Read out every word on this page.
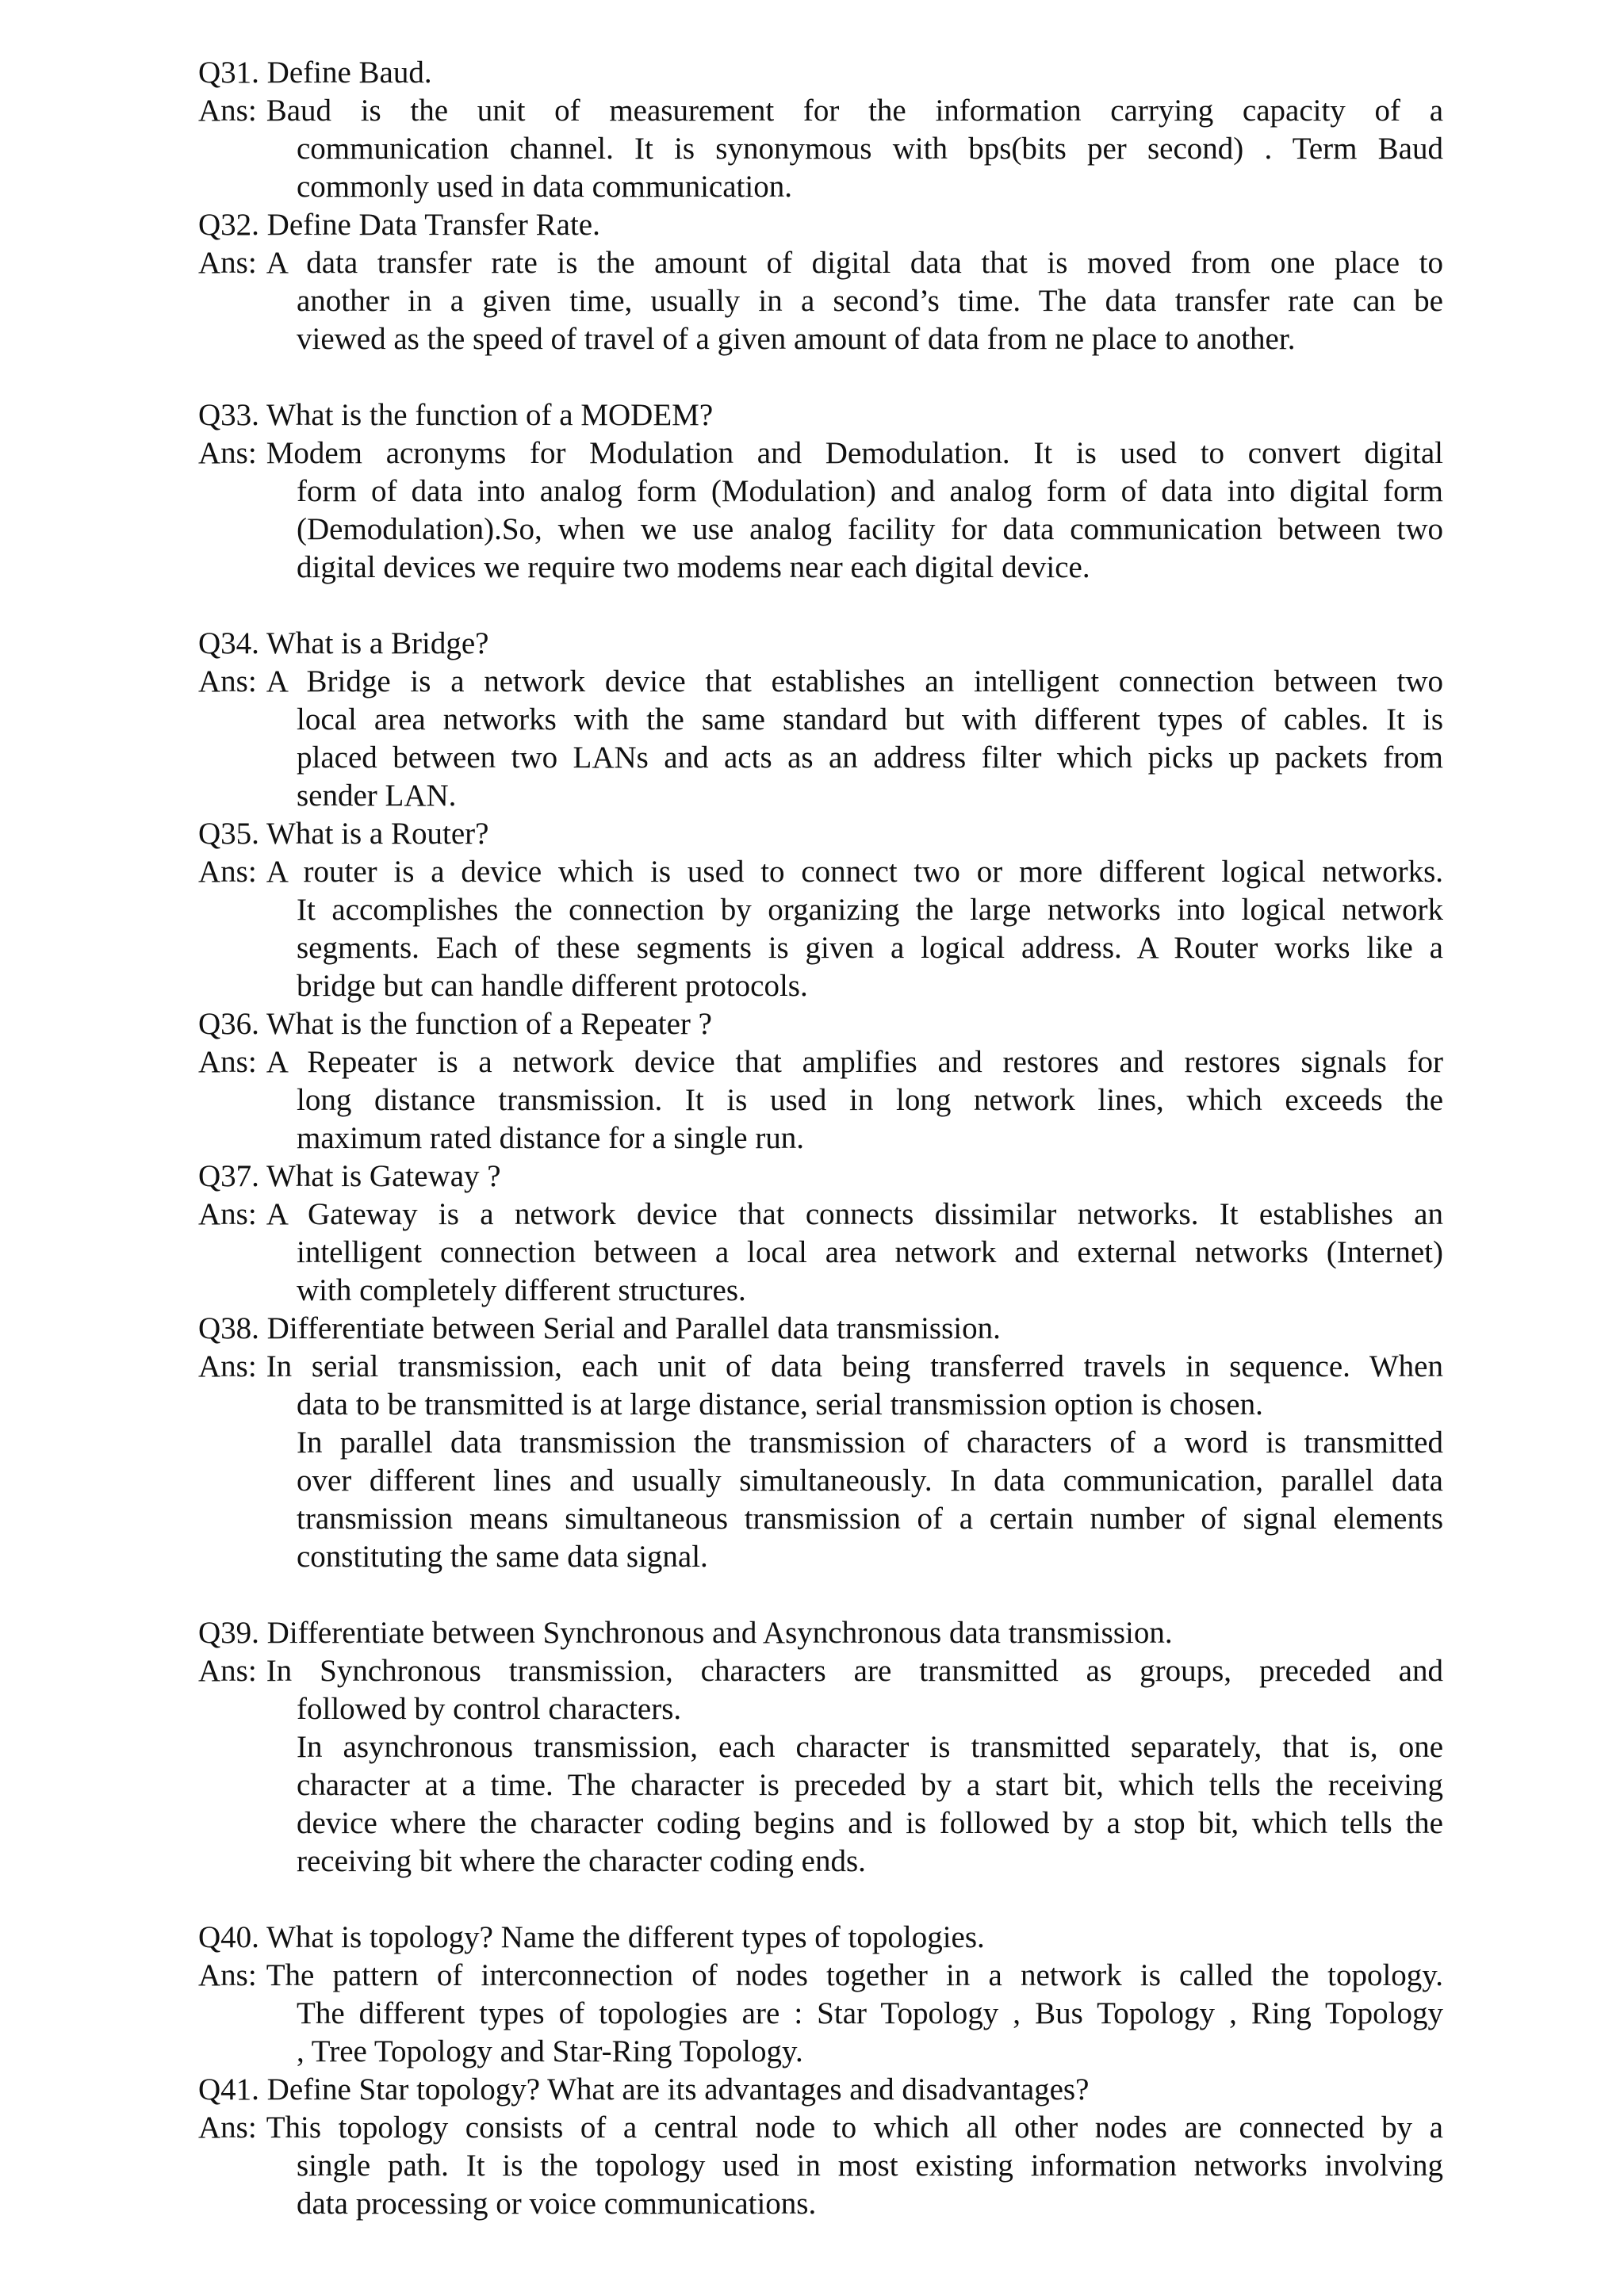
Q31. Define Baud.
Ans: Baud is the unit of measurement for the information carrying capacity of a
communication channel. It is synonymous with bps(bits per second) . Term Baud
commonly used in data communication.
Q32. Define Data Transfer Rate.
Ans: A data transfer rate is the amount of digital data that is moved from one place to
another in a given time, usually in a second’s time. The data transfer rate can be
viewed as the speed of travel of a given amount of data from ne place to another.
Q33. What is the function of a MODEM?
Ans: Modem acronyms for Modulation and Demodulation. It is used to convert digital
form of data into analog form (Modulation) and analog form of data into digital form
(Demodulation).So, when we use analog facility for data communication between two
digital devices we require two modems near each digital device.
Q34. What is a Bridge?
Ans: A Bridge is a network device that establishes an intelligent connection between two
local area networks with the same standard but with different types of cables. It is
placed between two LANs and acts as an address filter which picks up packets from
sender LAN.
Q35. What is a Router?
Ans: A router is a device which is used to connect two or more different logical networks.
It accomplishes the connection by organizing the large networks into logical network
segments. Each of these segments is given a logical address. A Router works like a
bridge but can handle different protocols.
Q36. What is the function of a Repeater ?
Ans: A Repeater is a network device that amplifies and restores and restores signals for
long distance transmission. It is used in long network lines, which exceeds the
maximum rated distance for a single run.
Q37. What is Gateway ?
Ans: A Gateway is a network device that connects dissimilar networks. It establishes an
intelligent connection between a local area network and external networks (Internet)
with completely different structures.
Q38. Differentiate between Serial and Parallel data transmission.
Ans: In serial transmission, each unit of data being transferred travels in sequence. When
data to be transmitted is at large distance, serial transmission option is chosen.
In parallel data transmission the transmission of characters of a word is transmitted
over different lines and usually simultaneously. In data communication, parallel data
transmission means simultaneous transmission of a certain number of signal elements
constituting the same data signal.
Q39. Differentiate between Synchronous and Asynchronous data transmission.
Ans: In Synchronous transmission, characters are transmitted as groups, preceded and
followed by control characters.
In asynchronous transmission, each character is transmitted separately, that is, one
character at a time. The character is preceded by a start bit, which tells the receiving
device where the character coding begins and is followed by a stop bit, which tells the
receiving bit where the character coding ends.
Q40. What is topology? Name the different types of topologies.
Ans: The pattern of interconnection of nodes together in a network is called the topology.
The different types of topologies are : Star Topology , Bus Topology , Ring Topology
, Tree Topology and Star-Ring Topology.
Q41. Define Star topology? What are its advantages and disadvantages?
Ans: This topology consists of a central node to which all other nodes are connected by a
single path. It is the topology used in most existing information networks involving
data processing or voice communications.
